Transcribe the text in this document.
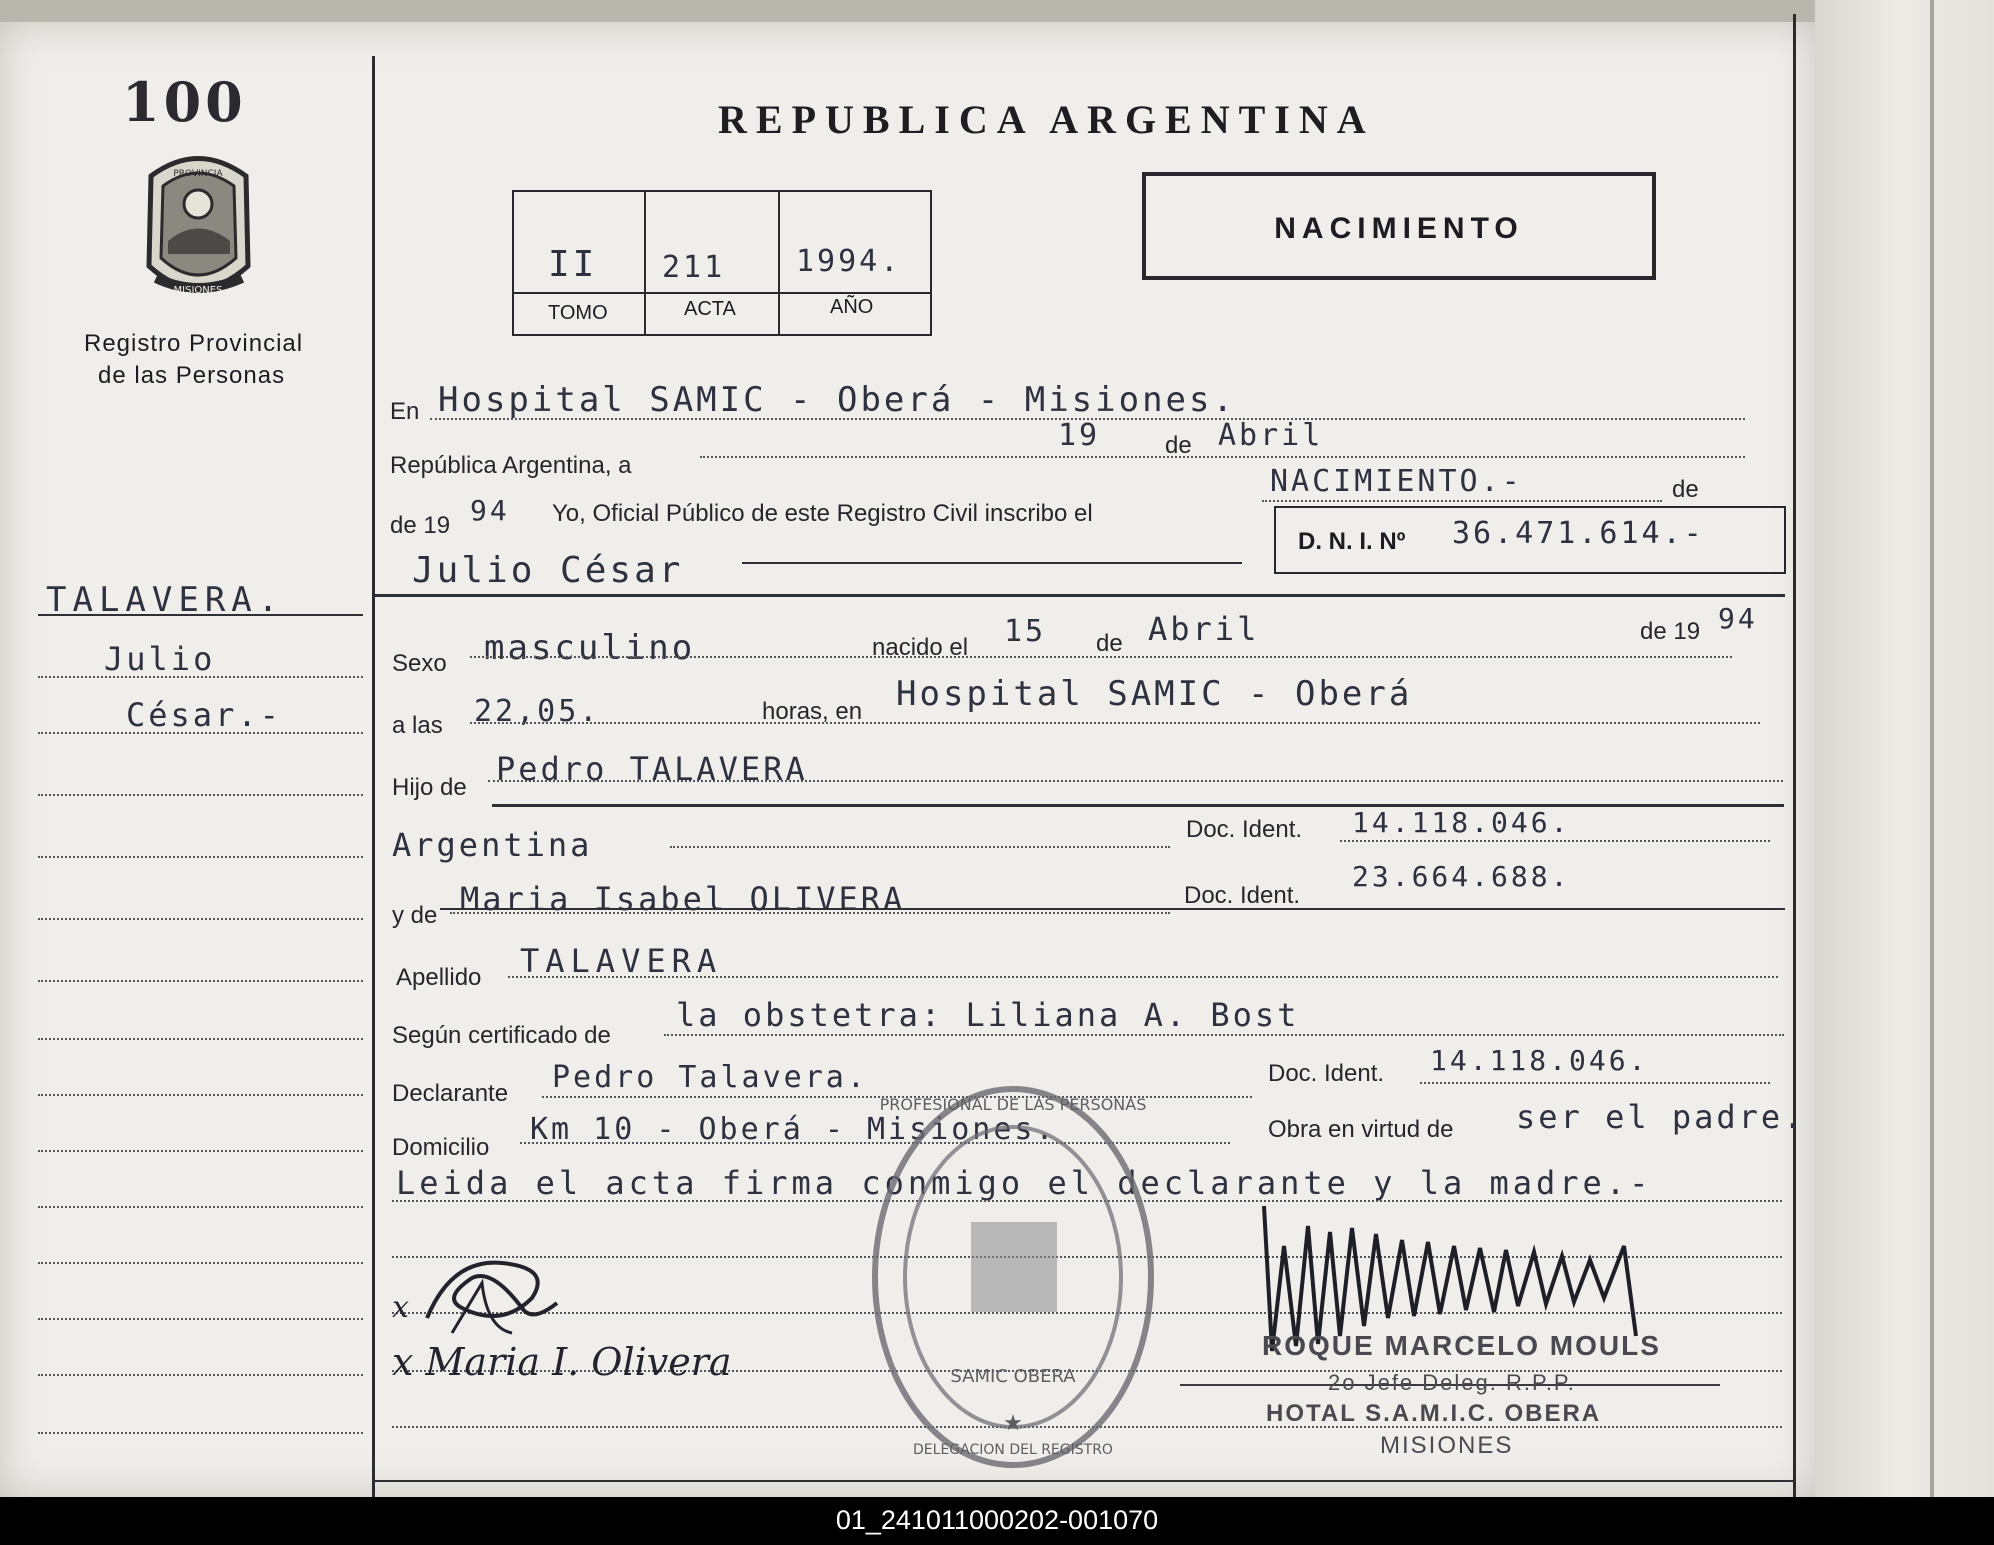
100
PROVINCIA
MISIONES
Registro Provincial
de las Personas
TALAVERA.
Julio
César.-
REPUBLICA ARGENTINA
NACIMIENTO
II
TOMO
211
ACTA
1994.
AÑO
En Hospital SAMIC - Oberá - Misiones.
República Argentina, a
19	de Abril
de 19 94 Yo, Oficial Público de este Registro Civil inscribo el
NACIMIENTO.-	de
Julio César
D. N. I. Nº 36.471.614.-
Sexo masculino	nacido el 15 de Abril	de 19 94
a las 22,05.	horas, en Hospital SAMIC - Oberá
Hijo de Pedro TALAVERA
Argentina	Doc. Ident. 14.118.046.
y de Maria Isabel OLIVERA	Doc. Ident.
23.664.688.
Apellido TALAVERA
Según certificado de
la obstetra: Liliana A. Bost
Declarante Pedro Talavera.	Doc. Ident. 14.118.046.
Domicilio
Km 10 - Oberá - Misiones.	Obra en virtud de ser el padre.
Leida el acta firma conmigo el declarante y la madre.-
PROFESIONAL DE LAS PERSONAS
DELEGACION DEL REGISTRO
SAMIC OBERA
★
x
x Maria I. Olivera	ROQUE MARCELO MOULS
2o Jefe Deleg. R.P.P.
HOTAL S.A.M.I.C. OBERA
MISIONES
01_241011000202-001070
